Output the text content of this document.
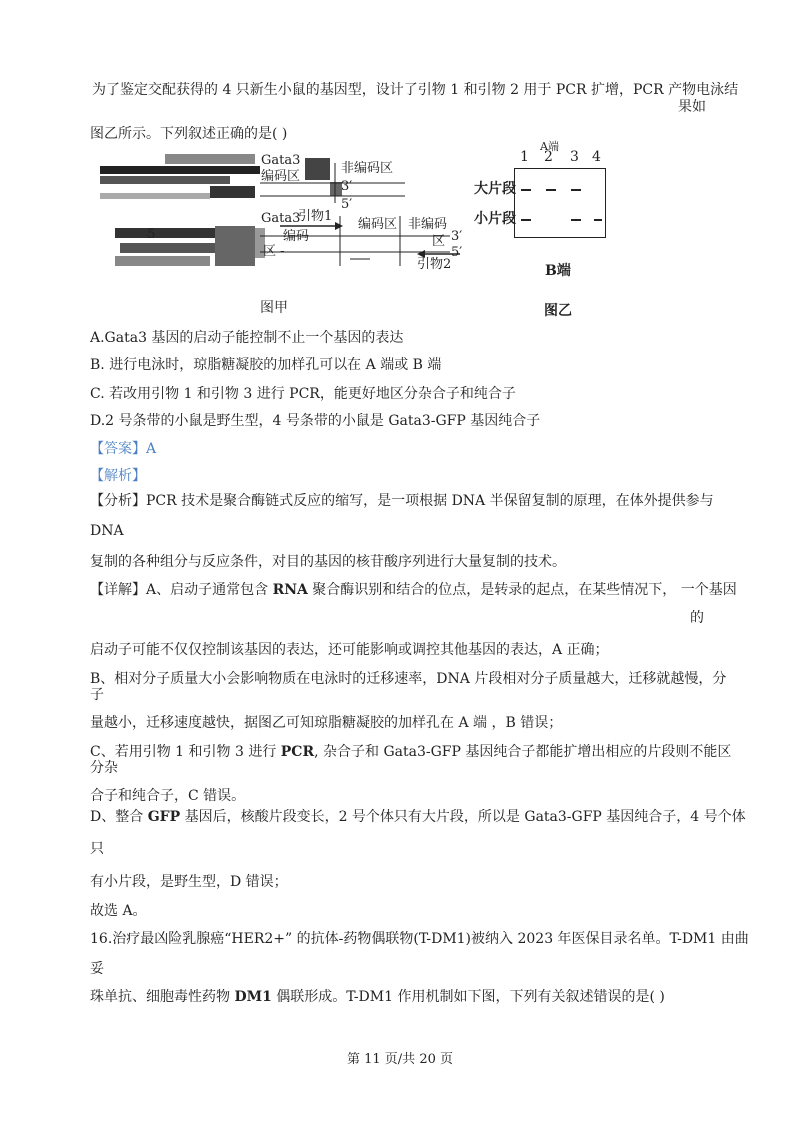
为了鉴定交配获得的 4 只新生小鼠的基因型，设计了引物 1 和引物 2 用于 PCR 扩增，PCR 产物电泳结
果如
图乙所示。下列叙述正确的是( )
Gata3
编码区
非编码区
3′
5′
Gata3
引物1
5	编码
区 -
编码区 非编码
区 3′
5′
引物2
图甲
A端
1 2 3 4
大片段
小片段
B端
图乙
A.Gata3 基因的启动子能控制不止一个基因的表达
B. 进行电泳时，琼脂糖凝胶的加样孔可以在 A 端或 B 端
C. 若改用引物 1 和引物 3 进行 PCR，能更好地区分杂合子和纯合子
D.2 号条带的小鼠是野生型，4 号条带的小鼠是 Gata3-GFP 基因纯合子
【答案】A
【解析】
【分析】PCR 技术是聚合酶链式反应的缩写，是一项根据 DNA 半保留复制的原理，在体外提供参与
DNA
复制的各种组分与反应条件，对目的基因的核苷酸序列进行大量复制的技术。
【详解】A、启动子通常包含 RNA 聚合酶识别和结合的位点，是转录的起点，在某些情况下， 一个基因
的
启动子可能不仅仅控制该基因的表达，还可能影响或调控其他基因的表达，A 正确；
B、相对分子质量大小会影响物质在电泳时的迁移速率，DNA 片段相对分子质量越大，迁移就越慢，分
子
量越小，迁移速度越快，据图乙可知琼脂糖凝胶的加样孔在 A 端 ，B 错误；
C、若用引物 1 和引物 3 进行 PCR, 杂合子和 Gata3-GFP 基因纯合子都能扩增出相应的片段则不能区
分杂
合子和纯合子，C 错误。
D、整合 GFP 基因后，核酸片段变长，2 号个体只有大片段，所以是 Gata3-GFP 基因纯合子，4 号个体
只
有小片段，是野生型，D 错误；
故选 A。
16.治疗最凶险乳腺癌“HER2+” 的抗体-药物偶联物(T-DM1)被纳入 2023 年医保目录名单。T-DM1 由曲
妥
珠单抗、细胞毒性药物 DM1 偶联形成。T-DM1 作用机制如下图，下列有关叙述错误的是( )
第 11 页/共 20 页
